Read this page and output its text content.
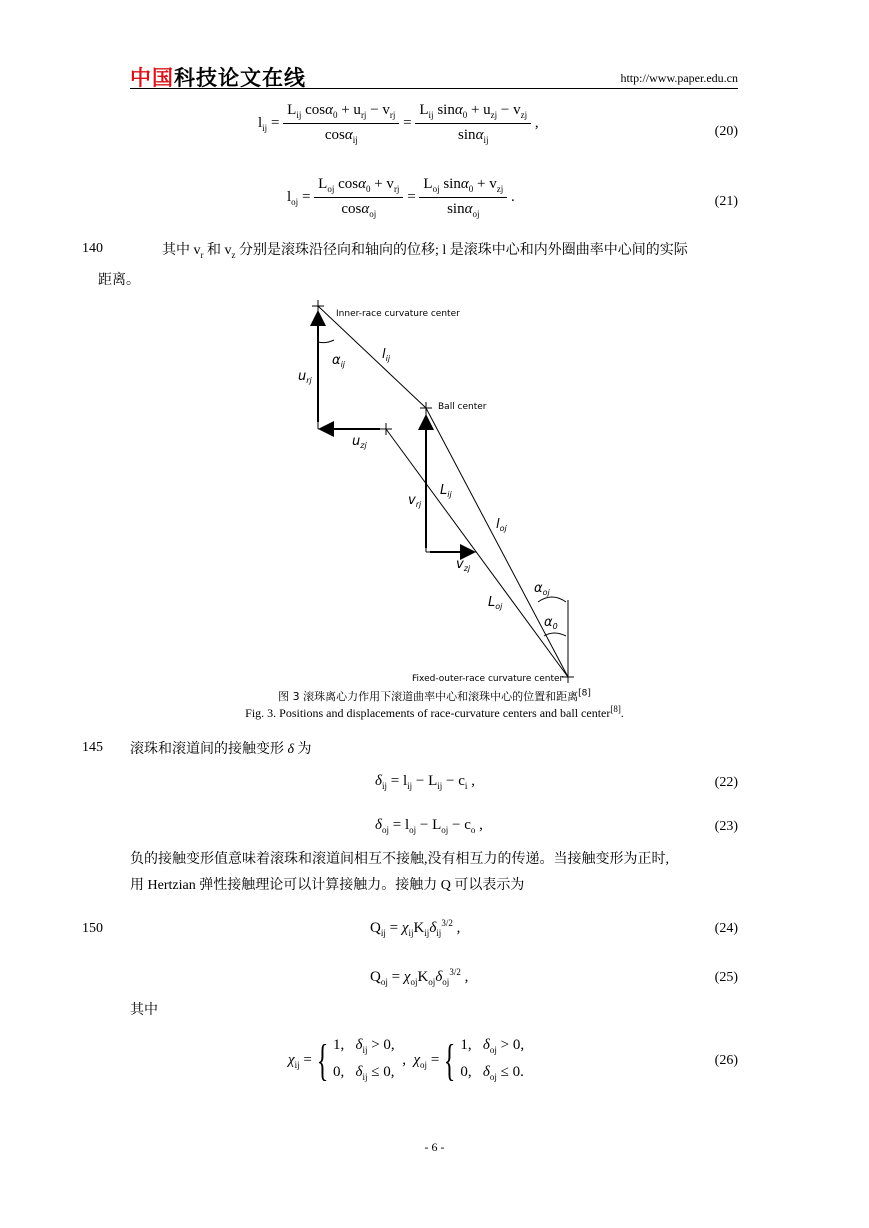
中国科技论文在线	http://www.paper.edu.cn
$l_{ij} = \frac{L_{ij} \cos\alpha_0 + u_{rj} - v_{rj}}{\cos\alpha_{ij}} = \frac{L_{ij} \sin\alpha_0 + u_{zj} - v_{zj}}{\sin\alpha_{ij}}$ ,
(20)
$l_{oj} = \frac{L_{oj} \cos\alpha_0 + v_{rj}}{\cos\alpha_{oj}} = \frac{L_{oj} \sin\alpha_0 + v_{zj}}{\sin\alpha_{oj}}$ .	(21)
140	其中 $v_r$ 和 $v_z$ 分别是滚珠沿径向和轴向的位移; l 是滚珠中心和内外圈曲率中心间的实际
距离。
Inner-race curvature center
Ball center
Fixed-outer-race curvature center
$\alpha_{ij}$
$l_{ij}$
$u_{rj}$
$u_{zj}$
$L_{ij}$
$v_{rj}$
$l_{oj}$
$v_{zj}$
$\alpha_{oj}$
$L_{oj}$
$\alpha_0$
图 3 滚珠离心力作用下滚道曲率中心和滚珠中心的位置和距离[8]
Fig. 3. Positions and displacements of race-curvature centers and ball center[8].
145 滚珠和滚道间的接触变形 δ 为
$\delta_{ij} = l_{ij} - L_{ij} - c_i$ ,	(22)
$\delta_{oj} = l_{oj} - L_{oj} - c_o$ ,	(23)
负的接触变形值意味着滚珠和滚道间相互不接触,没有相互力的传递。当接触变形为正时,
用 Hertzian 弹性接触理论可以计算接触力。接触力 Q 可以表示为
150	$Q_{ij} = \chi_{ij}K_{ij}\delta_{ij}^{3/2}$ ,	(24)
$Q_{oj} = \chi_{oj}K_{oj}\delta_{oj}^{3/2}$ ,	(25)
其中
$\chi_{ij}$ = { 1,   $\delta_{ij} > 0$,
0,   $\delta_{ij} \le 0$,  ,  $\chi_{oj}$ = { 1,   $\delta_{oj} > 0$,
0,   $\delta_{oj} \le 0$.
(26)
- 6 -
